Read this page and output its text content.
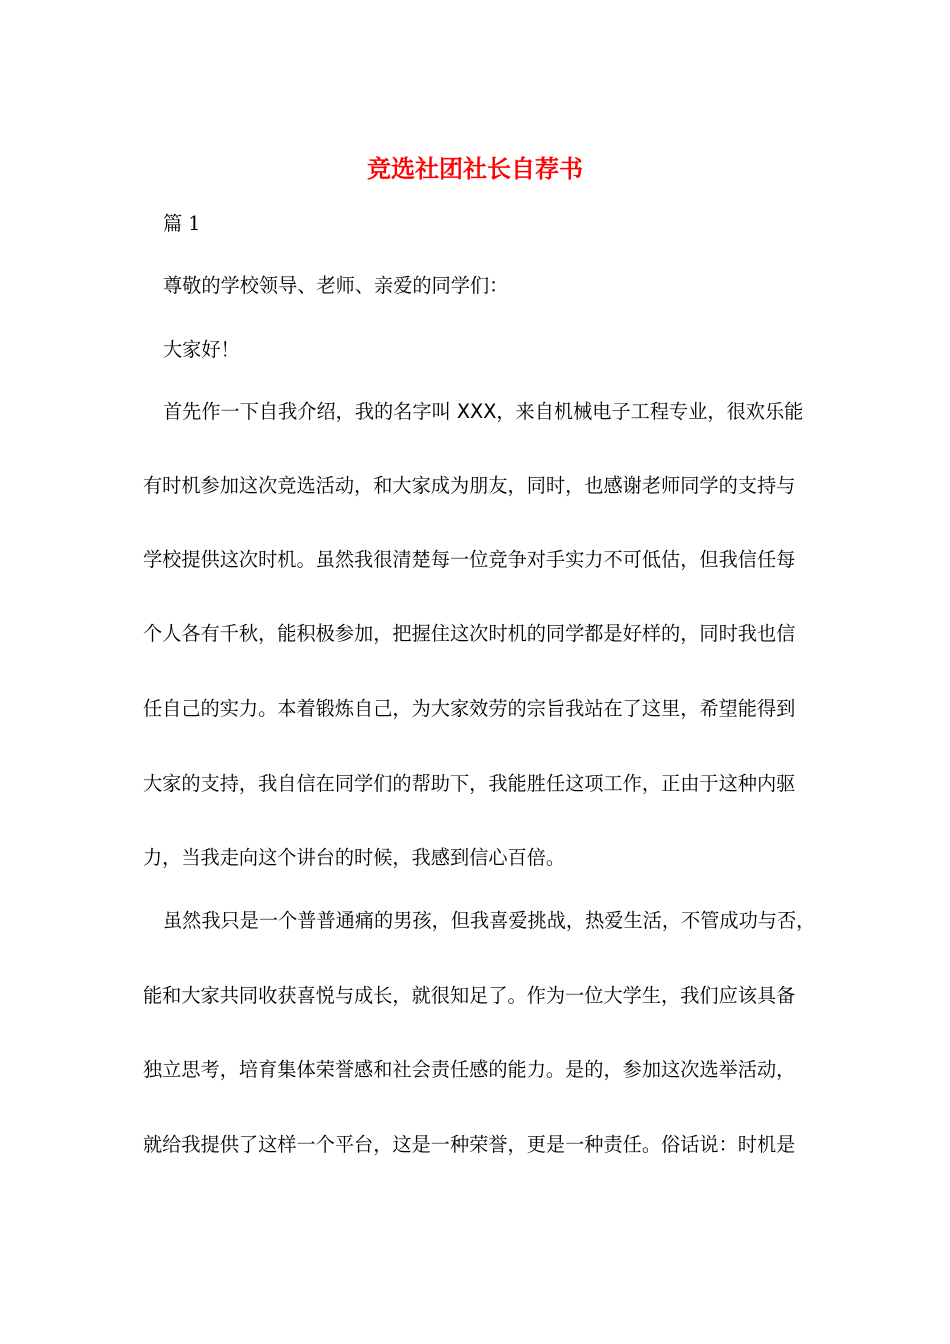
竞选社团社长自荐书
篇 1
尊敬的学校领导、老师、亲爱的同学们：
大家好！
首先作一下自我介绍，我的名字叫 XXX，来自机械电子工程专业，很欢乐能
有时机参加这次竞选活动，和大家成为朋友，同时，也感谢老师同学的支持与
学校提供这次时机。虽然我很清楚每一位竞争对手实力不可低估，但我信任每
个人各有千秋，能积极参加，把握住这次时机的同学都是好样的，同时我也信
任自己的实力。本着锻炼自己，为大家效劳的宗旨我站在了这里，希望能得到
大家的支持，我自信在同学们的帮助下，我能胜任这项工作，正由于这种内驱
力，当我走向这个讲台的时候，我感到信心百倍。
虽然我只是一个普普通痛的男孩，但我喜爱挑战，热爱生活，不管成功与否，
能和大家共同收获喜悦与成长，就很知足了。作为一位大学生，我们应该具备
独立思考，培育集体荣誉感和社会责任感的能力。是的，参加这次选举活动，
就给我提供了这样一个平台，这是一种荣誉，更是一种责任。俗话说：时机是
